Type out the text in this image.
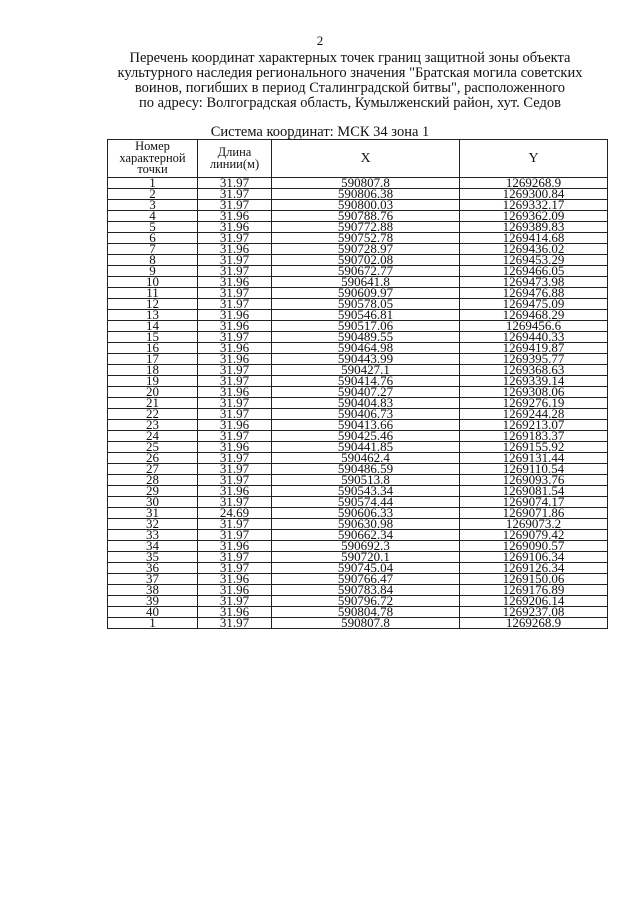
2
Перечень координат характерных точек границ защитной зоны объекта
культурного наследия регионального значения "Братская могила советских
воинов, погибших в период Сталинградской битвы", расположенного
по адресу: Волгоградская область, Кумылженский район, хут. Седов
Система координат: МСК 34 зона 1
Номер характерной точки	Длина линии(м)	X	Y
1	31.97	590807.8	1269268.9
2	31.97	590806.38	1269300.84
3	31.97	590800.03	1269332.17
4	31.96	590788.76	1269362.09
5	31.96	590772.88	1269389.83
6	31.97	590752.78	1269414.68
7	31.96	590728.97	1269436.02
8	31.97	590702.08	1269453.29
9	31.97	590672.77	1269466.05
10	31.96	590641.8	1269473.98
11	31.97	590609.97	1269476.88
12	31.97	590578.05	1269475.09
13	31.96	590546.81	1269468.29
14	31.96	590517.06	1269456.6
15	31.97	590489.55	1269440.33
16	31.96	590464.98	1269419.87
17	31.96	590443.99	1269395.77
18	31.97	590427.1	1269368.63
19	31.97	590414.76	1269339.14
20	31.96	590407.27	1269308.06
21	31.97	590404.83	1269276.19
22	31.97	590406.73	1269244.28
23	31.96	590413.66	1269213.07
24	31.97	590425.46	1269183.37
25	31.96	590441.85	1269155.92
26	31.97	590462.4	1269131.44
27	31.97	590486.59	1269110.54
28	31.97	590513.8	1269093.76
29	31.96	590543.34	1269081.54
30	31.97	590574.44	1269074.17
31	24.69	590606.33	1269071.86
32	31.97	590630.98	1269073.2
33	31.97	590662.34	1269079.42
34	31.96	590692.3	1269090.57
35	31.97	590720.1	1269106.34
36	31.97	590745.04	1269126.34
37	31.96	590766.47	1269150.06
38	31.96	590783.84	1269176.89
39	31.97	590796.72	1269206.14
40	31.96	590804.78	1269237.08
1	31.97	590807.8	1269268.9
